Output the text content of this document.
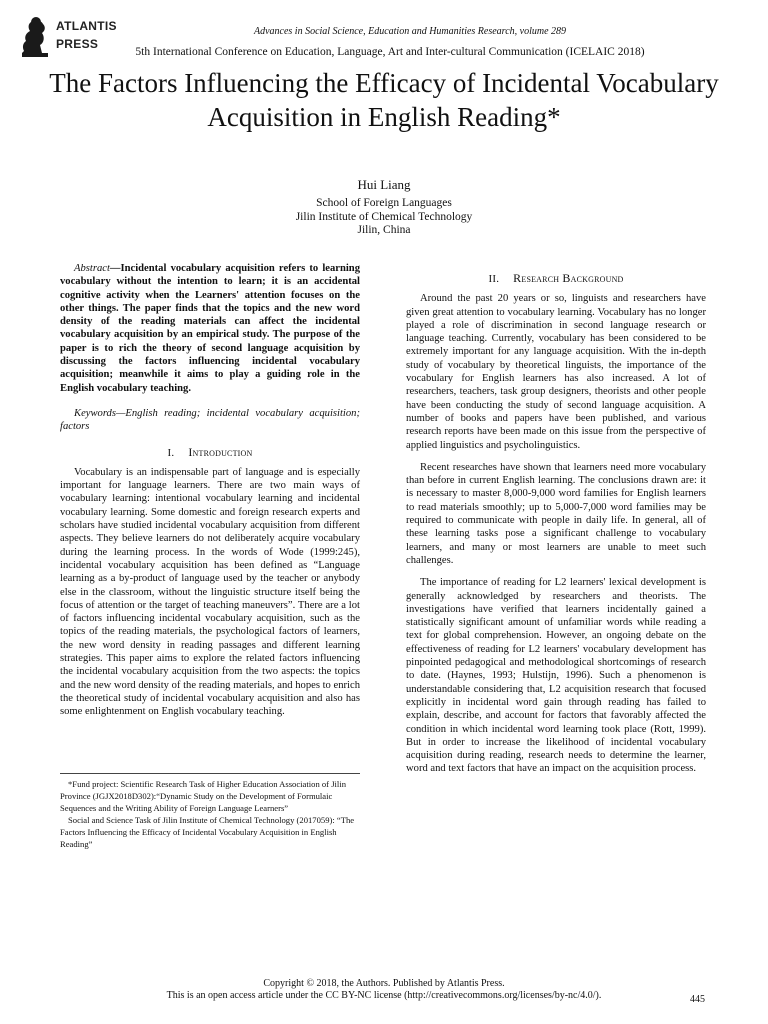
ATLANTIS
PRESS
Advances in Social Science, Education and Humanities Research, volume 289
5th International Conference on Education, Language, Art and Inter-cultural Communication (ICELAIC 2018)
The Factors Influencing the Efficacy of Incidental Vocabulary Acquisition in English Reading*
Hui Liang
School of Foreign Languages
Jilin Institute of Chemical Technology
Jilin, China

Abstract—Incidental vocabulary acquisition refers to learning vocabulary without the intention to learn; it is an accidental cognitive activity when the Learners' attention focuses on the other things. The paper finds that the topics and the new word density of the reading materials can affect the incidental vocabulary acquisition by an empirical study. The purpose of the paper is to rich the theory of second language acquisition by discussing the factors influencing incidental vocabulary acquisition; meanwhile it aims to play a guiding role in the English vocabulary teaching.

Keywords—English reading; incidental vocabulary acquisition; factors

I. Introduction

Vocabulary is an indispensable part of language and is especially important for language learners. There are two main ways of vocabulary learning: intentional vocabulary learning and incidental vocabulary learning. Some domestic and foreign research experts and scholars have studied incidental vocabulary acquisition from different aspects. They believe learners do not deliberately acquire vocabulary during the learning process. In the words of Wode (1999:245), incidental vocabulary acquisition has been defined as “Language learning as a by-product of language used by the teacher or anybody else in the classroom, without the linguistic structure itself being the focus of attention or the target of teaching maneuvers”. There are a lot of factors influencing incidental vocabulary acquisition, such as the topics of the reading materials, the psychological factors of learners, the new word density in reading passages and different learning strategies. This paper aims to explore the related factors influencing the incidental vocabulary acquisition from the two aspects: the topics and the new word density of the reading materials, and hopes to enrich the theoretical study of incidental vocabulary acquisition and also has some enlightenment on English vocabulary teaching.

II. Research Background

Around the past 20 years or so, linguists and researchers have given great attention to vocabulary learning. Vocabulary has no longer played a role of discrimination in second language research or language teaching. Currently, vocabulary has been considered to be extremely important for any language acquisition. With the in-depth study of vocabulary by theoretical linguists, the importance of the vocabulary for English learners has also increased. A lot of researchers, teachers, task group designers, theorists and other people have been conducting the study of second language acquisition. A number of books and papers have been published, and various research reports have been made on this issue from the perspective of applied linguistics and psycholinguistics.

Recent researches have shown that learners need more vocabulary than before in current English learning. The conclusions drawn are: it is necessary to master 8,000-9,000 word families for English learners to read materials smoothly; up to 5,000-7,000 word families may be required to communicate with people in daily life. In general, all of these learning tasks pose a significant challenge to vocabulary learners, and many or most learners are unable to meet such challenges.

The importance of reading for L2 learners' lexical development is generally acknowledged by researchers and theorists. The investigations have verified that learners incidentally gained a statistically significant amount of unfamiliar words while reading a text for global comprehension. However, an ongoing debate on the effectiveness of reading for L2 learners' vocabulary development has pinpointed pedagogical and methodological shortcomings of research to date. (Haynes, 1993; Hulstijn, 1996). Such a phenomenon is understandable considering that, L2 acquisition research that focused explicitly in incidental word gain through reading has failed to explain, describe, and account for factors that favorably affected the condition in which incidental word learning took place (Rott, 1999). But in order to increase the likelihood of incidental vocabulary acquisition during reading, research needs to determine the learner, word and text factors that have an impact on the acquisition process.

*Fund project: Scientific Research Task of Higher Education Association of Jilin Province (JGJX2018D302):“Dynamic Study on the Development of Formulaic Sequences and the Writing Ability of Foreign Language Learners”

Social and Science Task of Jilin Institute of Chemical Technology (2017059): “The Factors Influencing the Efficacy of Incidental Vocabulary Acquisition in English Reading”

Copyright © 2018, the Authors. Published by Atlantis Press.
This is an open access article under the CC BY-NC license (http://creativecommons.org/licenses/by-nc/4.0/).	445
